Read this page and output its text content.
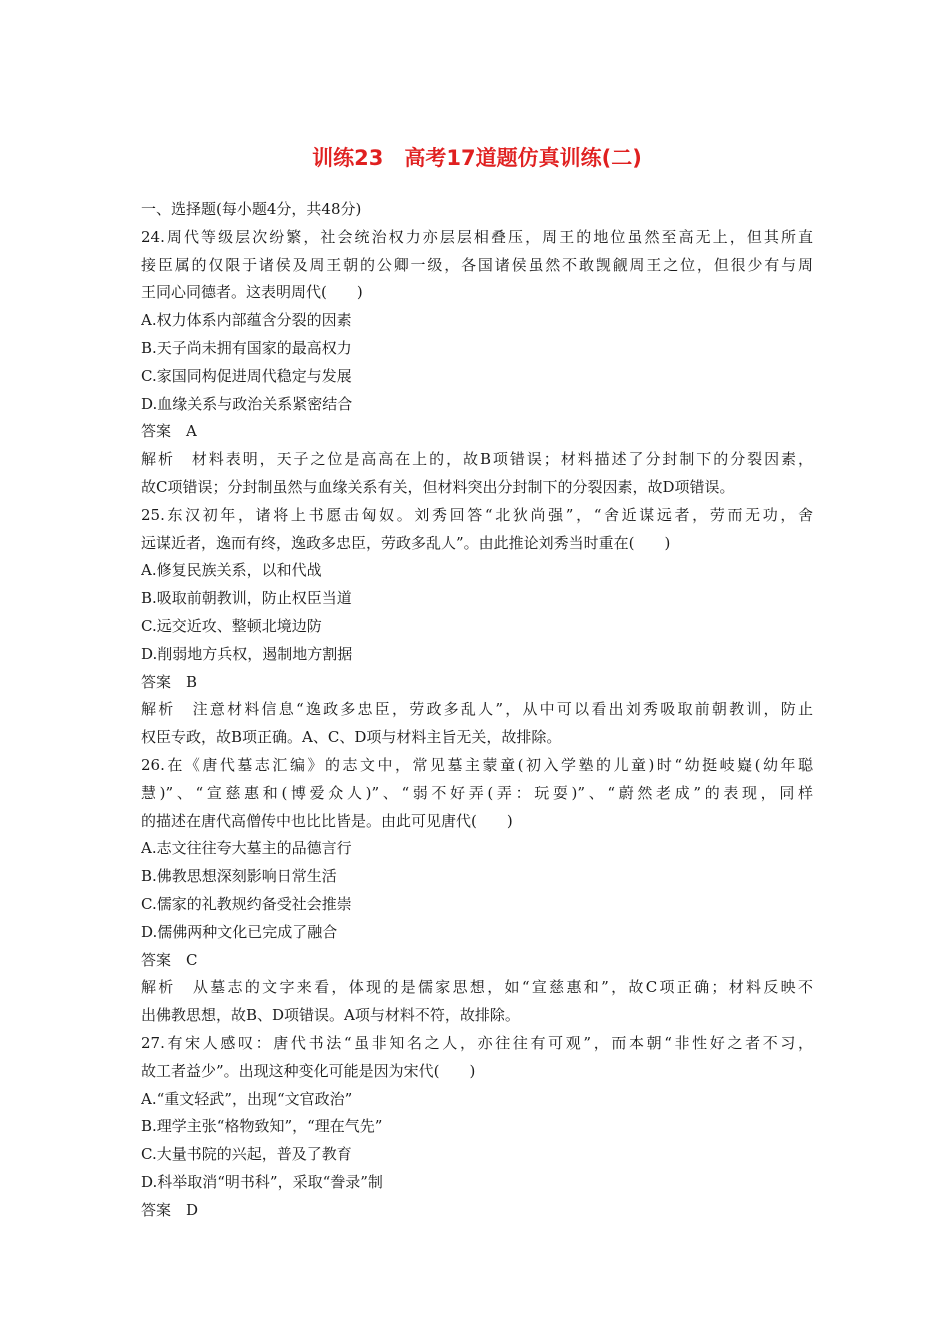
训练23　高考17道题仿真训练(二)
一、选择题(每小题4分，共48分)
24.周代等级层次纷繁，社会统治权力亦层层相叠压，周王的地位虽然至高无上，但其所直
接臣属的仅限于诸侯及周王朝的公卿一级，各国诸侯虽然不敢觊觎周王之位，但很少有与周
王同心同德者。这表明周代(　　)
A.权力体系内部蕴含分裂的因素
B.天子尚未拥有国家的最高权力
C.家国同构促进周代稳定与发展
D.血缘关系与政治关系紧密结合
答案　A
解析　材料表明，天子之位是高高在上的，故B项错误；材料描述了分封制下的分裂因素，
故C项错误；分封制虽然与血缘关系有关，但材料突出分封制下的分裂因素，故D项错误。
25.东汉初年，诸将上书愿击匈奴。刘秀回答“北狄尚强”，“舍近谋远者，劳而无功，舍
远谋近者，逸而有终，逸政多忠臣，劳政多乱人”。由此推论刘秀当时重在(　　)
A.修复民族关系，以和代战
B.吸取前朝教训，防止权臣当道
C.远交近攻、整顿北境边防
D.削弱地方兵权，遏制地方割据
答案　B
解析　注意材料信息“逸政多忠臣，劳政多乱人”，从中可以看出刘秀吸取前朝教训，防止
权臣专政，故B项正确。A、C、D项与材料主旨无关，故排除。
26.在《唐代墓志汇编》的志文中，常见墓主蒙童(初入学塾的儿童)时“幼挺岐嶷(幼年聪
慧)”、“宣慈惠和(博爱众人)”、“弱不好弄(弄：玩耍)”、“蔚然老成”的表现，同样
的描述在唐代高僧传中也比比皆是。由此可见唐代(　　)
A.志文往往夸大墓主的品德言行
B.佛教思想深刻影响日常生活
C.儒家的礼教规约备受社会推崇
D.儒佛两种文化已完成了融合
答案　C
解析　从墓志的文字来看，体现的是儒家思想，如“宣慈惠和”，故C项正确；材料反映不
出佛教思想，故B、D项错误。A项与材料不符，故排除。
27.有宋人感叹：唐代书法“虽非知名之人，亦往往有可观”，而本朝“非性好之者不习，
故工者益少”。出现这种变化可能是因为宋代(　　)
A.“重文轻武”，出现“文官政治”
B.理学主张“格物致知”，“理在气先”
C.大量书院的兴起，普及了教育
D.科举取消“明书科”，采取“誊录”制
答案　D
